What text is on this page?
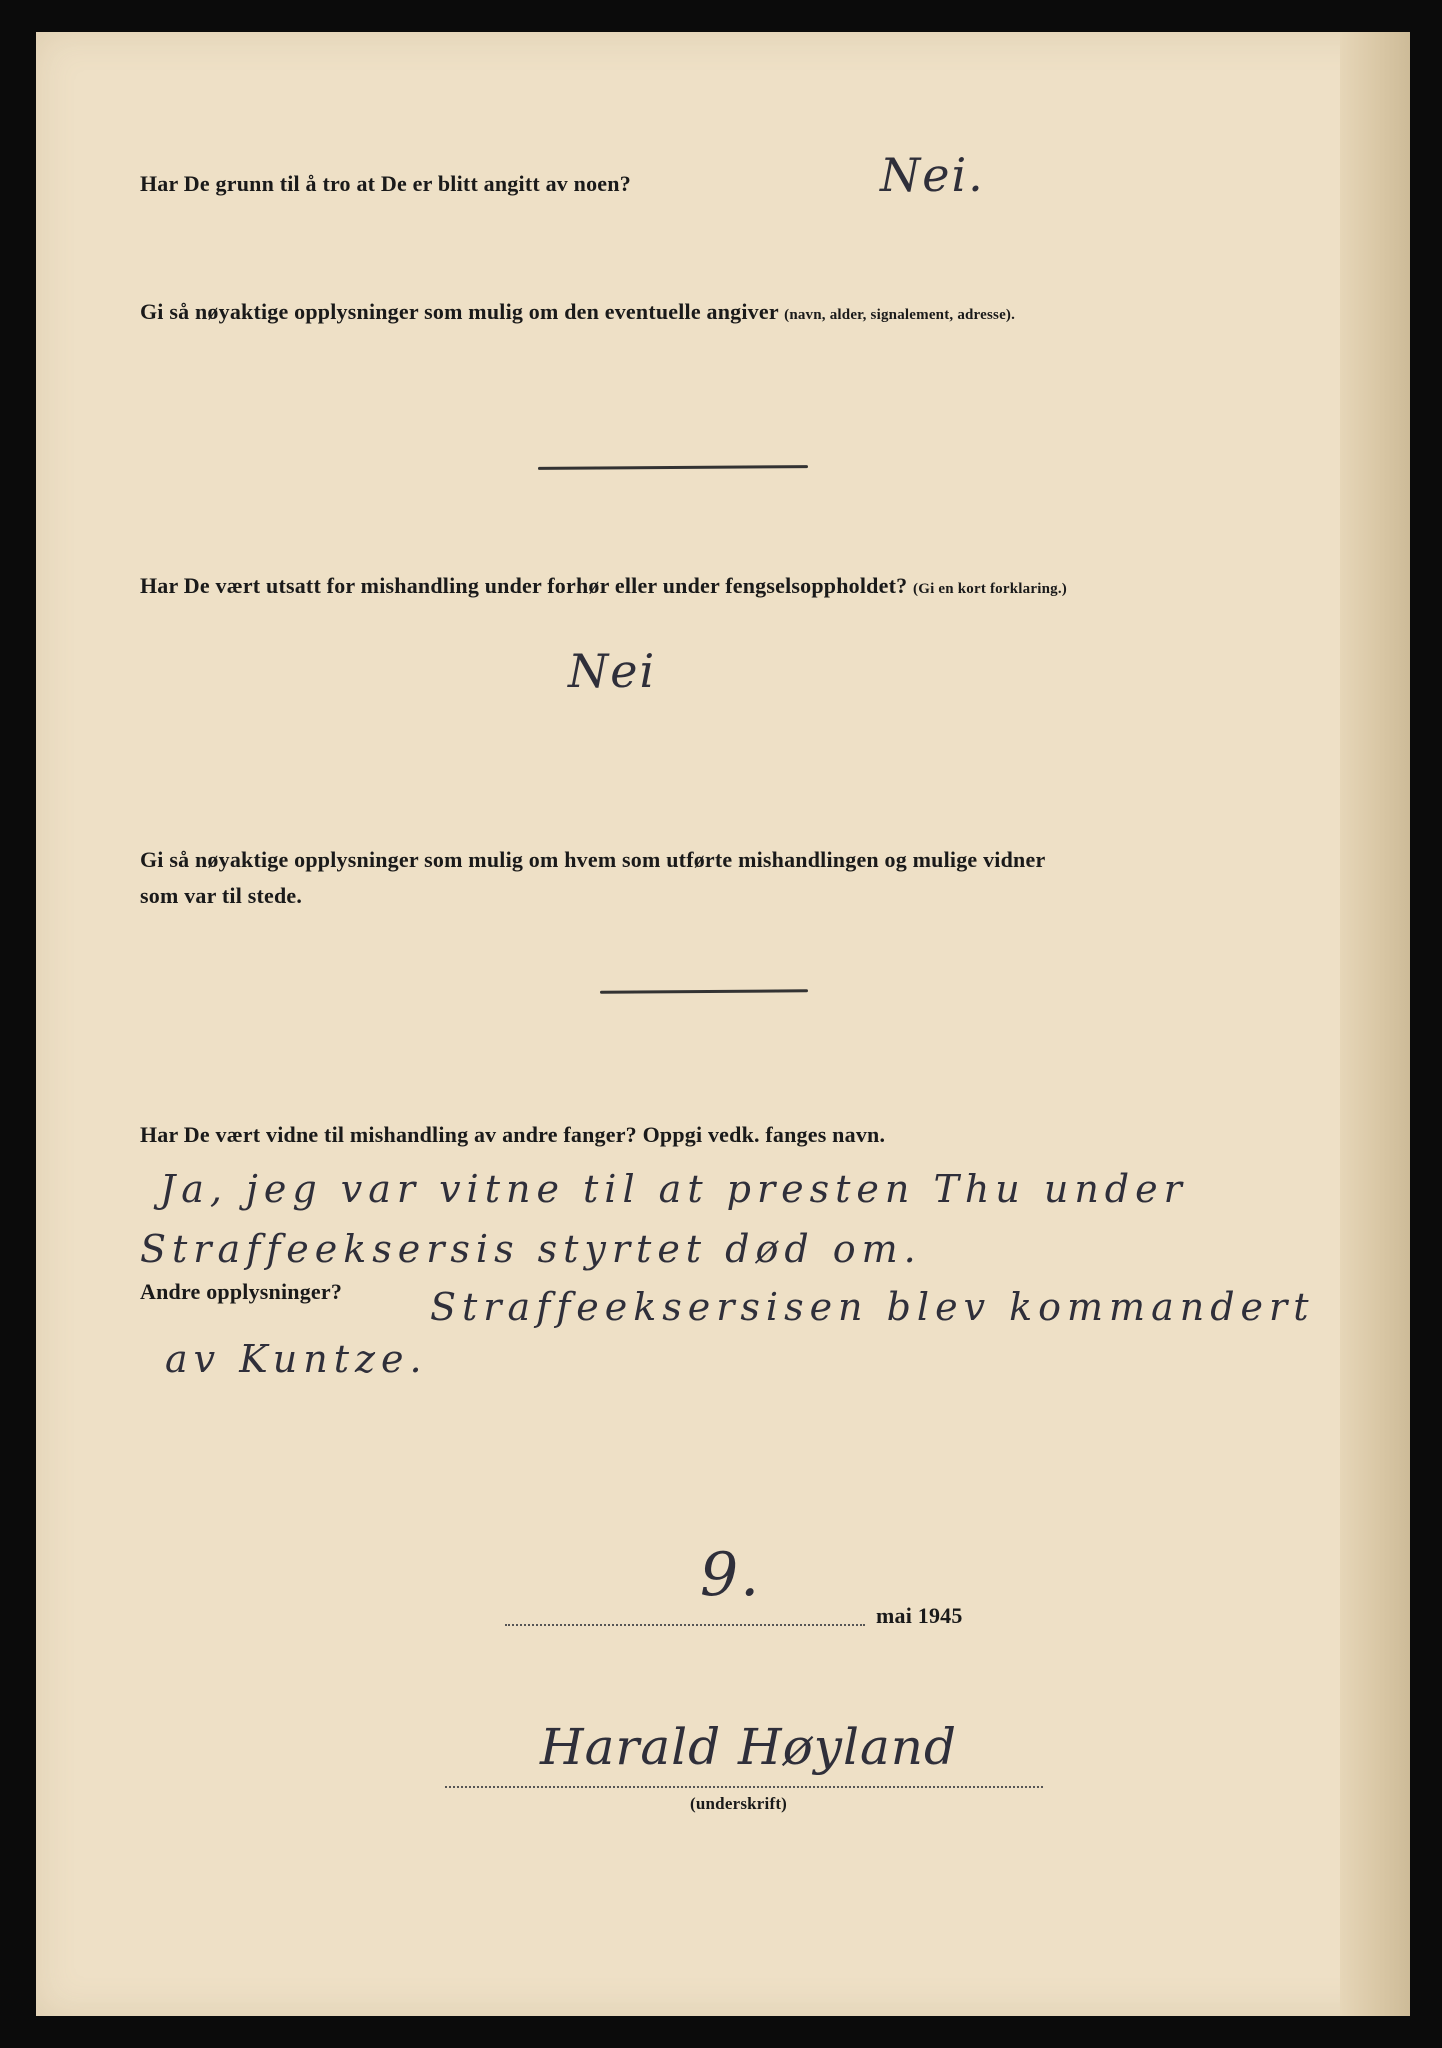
Har De grunn til å tro at De er blitt angitt av noen?	Nei.
Gi så nøyaktige opplysninger som mulig om den eventuelle angiver (navn, alder, signalement, adresse).
Har De vært utsatt for mishandling under forhør eller under fengselsoppholdet? (Gi en kort forklaring.)
Nei
Gi så nøyaktige opplysninger som mulig om hvem som utførte mishandlingen og mulige vidner
som var til stede.
Har De vært vidne til mishandling av andre fanger? Oppgi vedk. fanges navn.
Ja, jeg var vitne til at presten Thu under
Straffeeksersis styrtet død om.
Andre opplysninger? Straffeeksersisen blev kommandert
av Kuntze.
9.
mai 1945
Harald Høyland
(underskrift)
